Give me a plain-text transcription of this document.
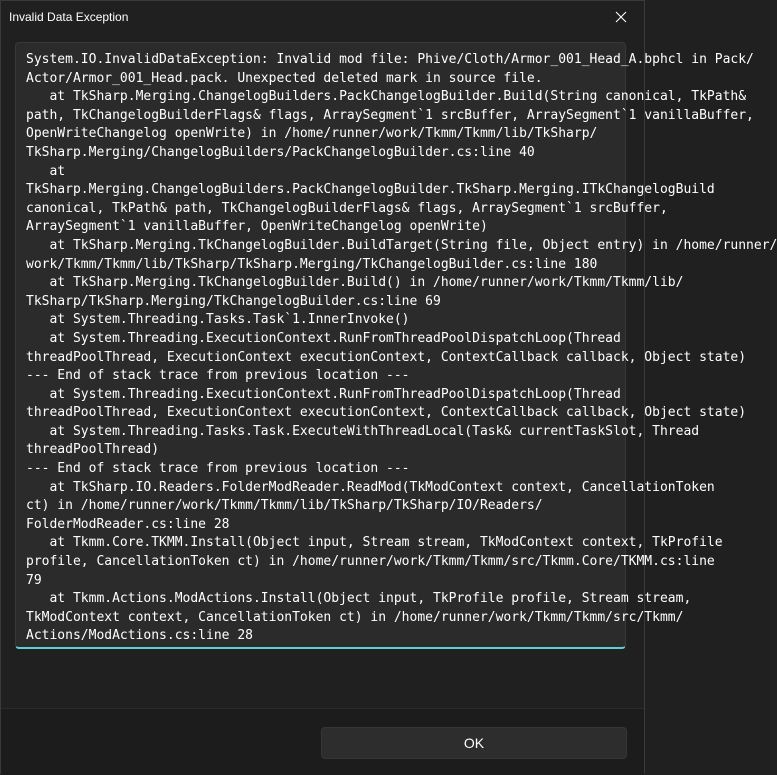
Invalid Data Exception
System.IO.InvalidDataException: Invalid mod file: Phive/Cloth/Armor_001_Head_A.bphcl in Pack/
Actor/Armor_001_Head.pack. Unexpected deleted mark in source file.
at TkSharp.Merging.ChangelogBuilders.PackChangelogBuilder.Build(String canonical, TkPath&
path, TkChangelogBuilderFlags& flags, ArraySegment`1 srcBuffer, ArraySegment`1 vanillaBuffer,
OpenWriteChangelog openWrite) in /home/runner/work/Tkmm/Tkmm/lib/TkSharp/
TkSharp.Merging/ChangelogBuilders/PackChangelogBuilder.cs:line 40
at
TkSharp.Merging.ChangelogBuilders.PackChangelogBuilder.TkSharp.Merging.ITkChangelogBuild
canonical, TkPath& path, TkChangelogBuilderFlags& flags, ArraySegment`1 srcBuffer,
ArraySegment`1 vanillaBuffer, OpenWriteChangelog openWrite)
at TkSharp.Merging.TkChangelogBuilder.BuildTarget(String file, Object entry) in /home/runner/
work/Tkmm/Tkmm/lib/TkSharp/TkSharp.Merging/TkChangelogBuilder.cs:line 180
at TkSharp.Merging.TkChangelogBuilder.Build() in /home/runner/work/Tkmm/Tkmm/lib/
TkSharp/TkSharp.Merging/TkChangelogBuilder.cs:line 69
at System.Threading.Tasks.Task`1.InnerInvoke()
at System.Threading.ExecutionContext.RunFromThreadPoolDispatchLoop(Thread
threadPoolThread, ExecutionContext executionContext, ContextCallback callback, Object state)
--- End of stack trace from previous location ---
at System.Threading.ExecutionContext.RunFromThreadPoolDispatchLoop(Thread
threadPoolThread, ExecutionContext executionContext, ContextCallback callback, Object state)
at System.Threading.Tasks.Task.ExecuteWithThreadLocal(Task& currentTaskSlot, Thread
threadPoolThread)
--- End of stack trace from previous location ---
at TkSharp.IO.Readers.FolderModReader.ReadMod(TkModContext context, CancellationToken
ct) in /home/runner/work/Tkmm/Tkmm/lib/TkSharp/TkSharp/IO/Readers/
FolderModReader.cs:line 28
at Tkmm.Core.TKMM.Install(Object input, Stream stream, TkModContext context, TkProfile
profile, CancellationToken ct) in /home/runner/work/Tkmm/Tkmm/src/Tkmm.Core/TKMM.cs:line
79
at Tkmm.Actions.ModActions.Install(Object input, TkProfile profile, Stream stream,
TkModContext context, CancellationToken ct) in /home/runner/work/Tkmm/Tkmm/src/Tkmm/
Actions/ModActions.cs:line 28
OK
